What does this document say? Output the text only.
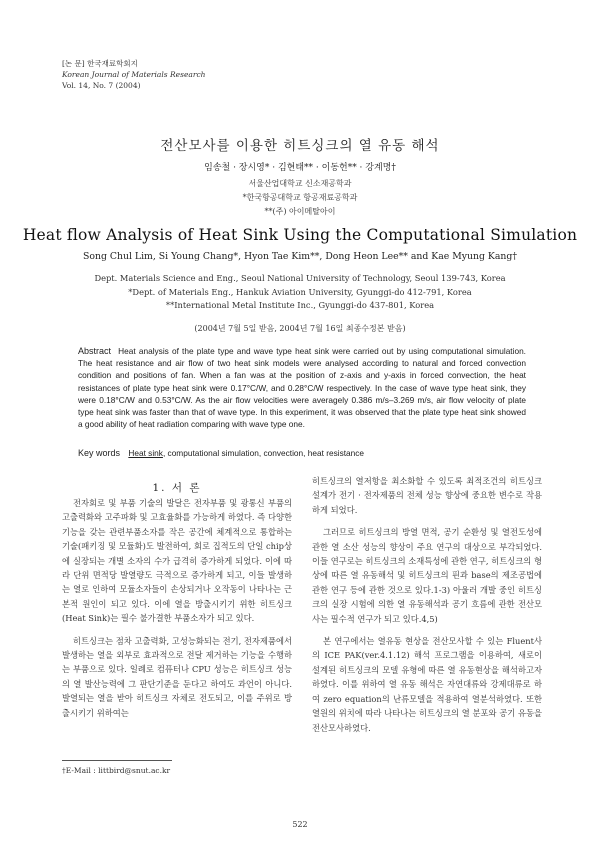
[논 문] 한국재료학회지
Korean Journal of Materials Research
Vol. 14, No. 7 (2004)
전산모사를 이용한 히트싱크의 열 유동 해석
임송철 · 장시영* · 김현태** · 이동헌** · 강계명†
서울산업대학교 신소재공학과
*한국항공대학교 항공재료공학과
**(주) 아이메탈아이
Heat flow Analysis of Heat Sink Using the Computational Simulation
Song Chul Lim, Si Young Chang*, Hyon Tae Kim**, Dong Heon Lee** and Kae Myung Kang†
Dept. Materials Science and Eng., Seoul National University of Technology, Seoul 139-743, Korea
*Dept. of Materials Eng., Hankuk Aviation University, Gyunggi-do 412-791, Korea
**International Metal Institute Inc., Gyunggi-do 437-801, Korea
(2004년 7월 5일 받음, 2004년 7월 16일 최종수정본 받음)
Abstract Heat analysis of the plate type and wave type heat sink were carried out by using computational simulation. The heat resistance and air flow of two heat sink models were analysed according to natural and forced convection condition and positions of fan. When a fan was at the position of z-axis and y-axis in forced convection, the heat resistances of plate type heat sink were 0.17°C/W, and 0.28°C/W respectively. In the case of wave type heat sink, they were 0.18°C/W and 0.53°C/W. As the air flow velocities were averagely 0.386 m/s–3.269 m/s, air flow velocity of plate type heat sink was faster than that of wave type. In this experiment, it was observed that the plate type heat sink showed a good ability of heat radiation comparing with wave type one.
Key words Heat sink, computational simulation, convection, heat resistance
1. 서 론

전자회로 및 부품 기술의 발달은 전자부품 및 광통신 부품의 고출력화와 고주파화 및 고효율화를 가능하게 하였다. 즉 다양한 기능을 갖는 관련부품소자를 작은 공간에 체계적으로 통합하는 기술(패키징 및 모듈화)도 발전하여, 회로 집적도의 단일 chip상에 실장되는 개별 소자의 수가 급격히 증가하게 되었다. 이에 따라 단위 면적당 발열량도 극적으로 증가하게 되고, 이들 발생하는 열로 인하여 모듈소자들이 손상되거나 오작동이 나타나는 근본적 원인이 되고 있다. 이에 열을 방출시키기 위한 히트싱크(Heat Sink)는 필수 불가결한 부품소자가 되고 있다.

히트싱크는 점차 고출력화, 고성능화되는 전기, 전자제품에서 발생하는 열을 외부로 효과적으로 전달 제거하는 기능을 수행하는 부품으로 있다. 일례로 컴퓨터나 CPU 성능은 히트싱크 성능의 열 발산능력에 그 판단기준을 둔다고 하여도 과언이 아니다. 발열되는 열을 받아 히트싱크 자체로 전도되고, 이를 주위로 방출시키기 위하여는

히트싱크의 열저항을 최소화할 수 있도록 최적조건의 히트싱크 설계가 전기 · 전자제품의 전체 성능 향상에 중요한 변수로 작용하게 되었다.

그러므로 히트싱크의 방열 면적, 공기 순환성 및 열전도성에 관한 열 소산 성능의 향상이 주요 연구의 대상으로 부각되었다. 이들 연구로는 히트싱크의 소재특성에 관한 연구, 히트싱크의 형상에 따른 열 유동해석 및 히트싱크의 핀과 base의 제조공법에 관한 연구 등에 관한 것으로 있다.1-3) 아울러 개발 중인 히트싱크의 실장 시험에 의한 열 유동해석과 공기 흐름에 관한 전산모사는 필수적 연구가 되고 있다.4,5)

본 연구에서는 열유동 현상을 전산모사할 수 있는 Fluent사의 ICE PAK(ver.4.1.12) 해석 프로그램을 이용하여, 새로이 설계된 히트싱크의 모델 유형에 따른 열 유동현상을 해석하고자 하였다. 이를 위하여 열 유동 해석은 자연대류와 강제대류로 하여 zero equation의 난류모델을 적용하여 열분석하였다. 또한 열원의 위치에 따라 나타나는 히트싱크의 열 분포와 공기 유동을 전산모사하였다.

†E-Mail : littbird@snut.ac.kr
522
